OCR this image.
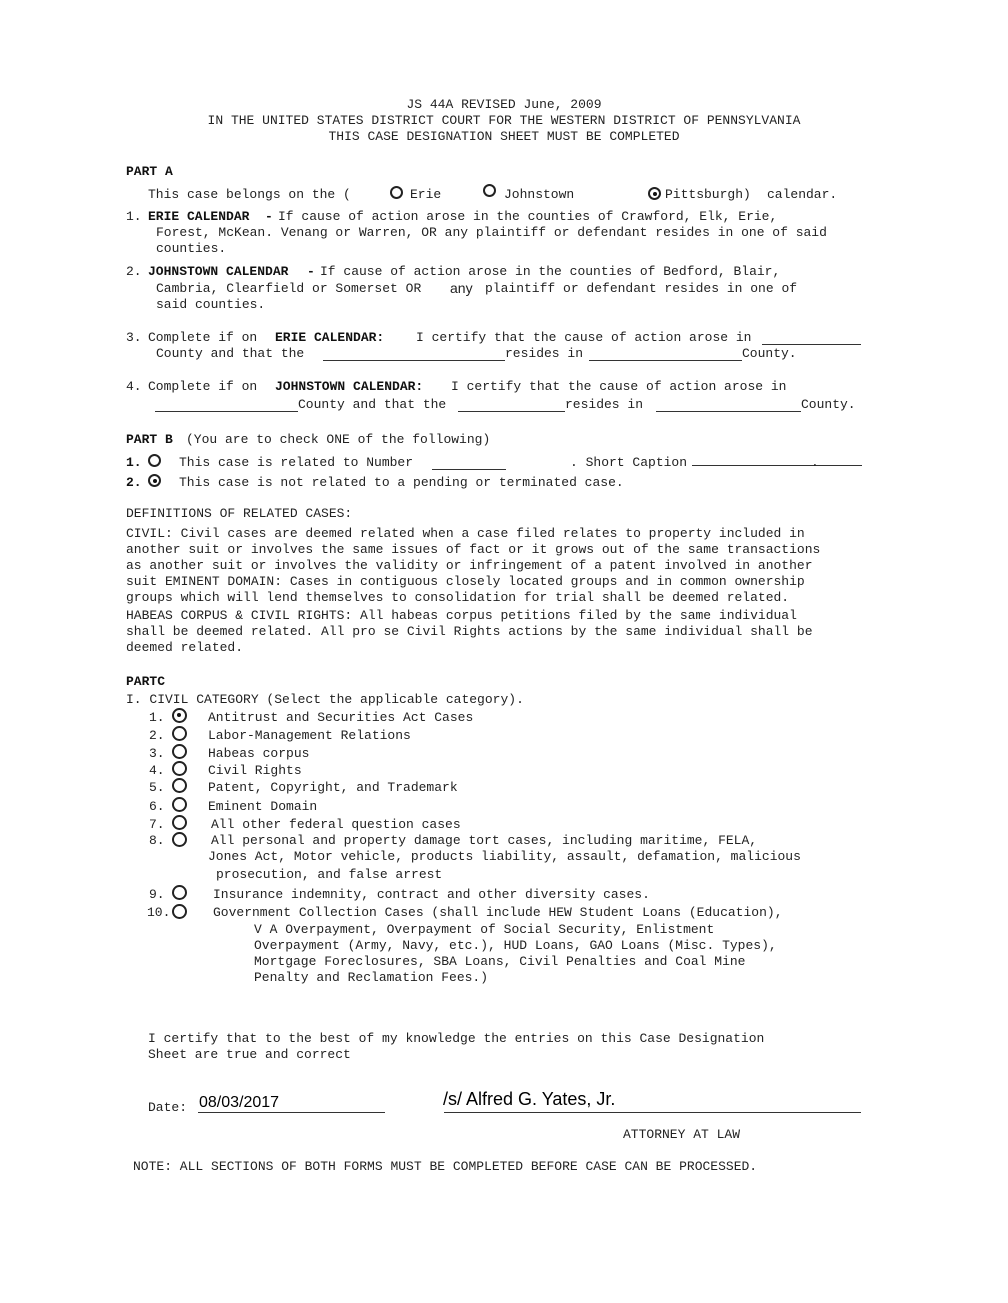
JS 44A REVISED June, 2009
IN THE UNITED STATES DISTRICT COURT FOR THE WESTERN DISTRICT OF PENNSYLVANIA
THIS CASE DESIGNATION SHEET MUST BE COMPLETED
PART A
This case belongs on the (	Erie	Johnstown	Pittsburgh) calendar.
1. ERIE CALENDAR - If cause of action arose in the counties of Crawford, Elk, Erie,
Forest, McKean. Venang or Warren, OR any plaintiff or defendant resides in one of said
counties.
2. JOHNSTOWN CALENDAR - If cause of action arose in the counties of Bedford, Blair,
Cambria, Clearfield or Somerset OR any plaintiff or defendant resides in one of
said counties.
3. Complete if on ERIE CALENDAR: I certify that the cause of action arose in
County and that the	resides in	County.
4. Complete if on JOHNSTOWN CALENDAR: I certify that the cause of action arose in
County and that the	resides in	County.
PART B (You are to check ONE of the following)
1.	This case is related to Number	. Short Caption	.
2.	This case is not related to a pending or terminated case.
DEFINITIONS OF RELATED CASES:
CIVIL: Civil cases are deemed related when a case filed relates to property included in
another suit or involves the same issues of fact or it grows out of the same transactions
as another suit or involves the validity or infringement of a patent involved in another
suit EMINENT DOMAIN: Cases in contiguous closely located groups and in common ownership
groups which will lend themselves to consolidation for trial shall be deemed related.
HABEAS CORPUS & CIVIL RIGHTS: All habeas corpus petitions filed by the same individual
shall be deemed related. All pro se Civil Rights actions by the same individual shall be
deemed related.
PARTC
I. CIVIL CATEGORY (Select the applicable category).
1.	Antitrust and Securities Act Cases
2.	Labor-Management Relations
3.	Habeas corpus
4.	Civil Rights
5.	Patent, Copyright, and Trademark
6.	Eminent Domain
7.	All other federal question cases
8.	All personal and property damage tort cases, including maritime, FELA,
Jones Act, Motor vehicle, products liability, assault, defamation, malicious
prosecution, and false arrest
9.	Insurance indemnity, contract and other diversity cases.
10.	Government Collection Cases (shall include HEW Student Loans (Education),
V A Overpayment, Overpayment of Social Security, Enlistment
Overpayment (Army, Navy, etc.), HUD Loans, GAO Loans (Misc. Types),
Mortgage Foreclosures, SBA Loans, Civil Penalties and Coal Mine
Penalty and Reclamation Fees.)
I certify that to the best of my knowledge the entries on this Case Designation
Sheet are true and correct
Date: 08/03/2017	/s/ Alfred G. Yates, Jr.
ATTORNEY AT LAW
NOTE: ALL SECTIONS OF BOTH FORMS MUST BE COMPLETED BEFORE CASE CAN BE PROCESSED.
